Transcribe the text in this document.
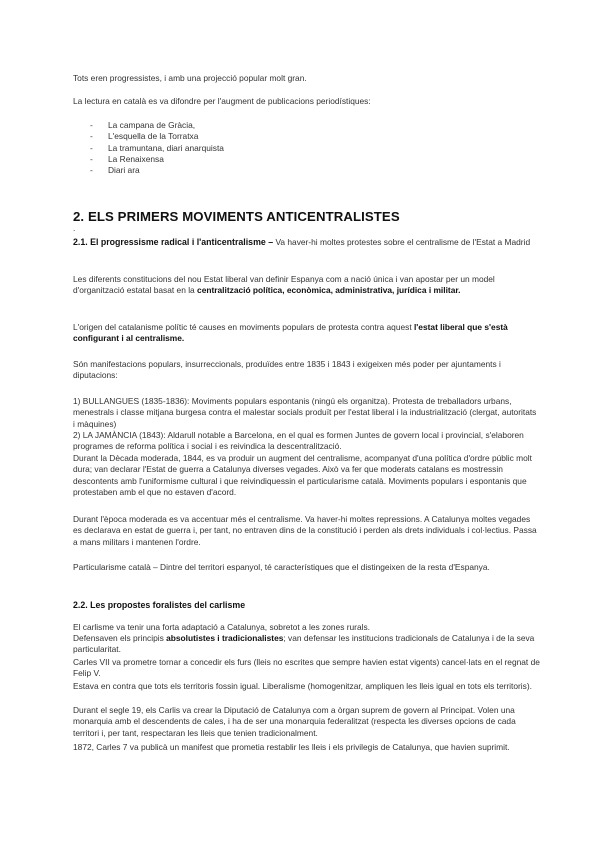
Tots eren progressistes, i amb una projecció popular molt gran.

La lectura en català es va difondre per l'augment de publicacions periodístiques:

- La campana de Gràcia,
- L'esquella de la Torratxa
- La tramuntana, diari anarquista
- La Renaixensa
- Diari ara
2. ELS PRIMERS MOVIMENTS ANTICENTRALISTES
.

2.1. El progressisme radical i l'anticentralisme – Va haver-hi moltes protestes sobre el centralisme de l'Estat a Madrid

Les diferents constitucions del nou Estat liberal van definir Espanya com a nació única i van apostar per un model d'organització estatal basat en la centralització política, econòmica, administrativa, jurídica i militar.

L'origen del catalanisme polític té causes en moviments populars de protesta contra aquest l'estat liberal que s'està configurant i al centralisme.

Són manifestacions populars, insurreccionals, produïdes entre 1835 i 1843 i exigeixen més poder per ajuntaments i diputacions:

1) BULLANGUES (1835-1836): Moviments populars espontanis (ningú els organitza). Protesta de treballadors urbans, menestrals i classe mitjana burgesa contra el malestar socials produït per l'estat liberal i la industrialització (clergat, autoritats i màquines)

2) LA JAMÀNCIA (1843): Aldarull notable a Barcelona, en el qual es formen Juntes de govern local i provincial, s'elaboren programes de reforma política i social i es reivindica la descentralització.

Durant la Dècada moderada, 1844, es va produir un augment del centralisme, acompanyat d'una política d'ordre públic molt dura; van declarar l'Estat de guerra a Catalunya diverses vegades. Això va fer que moderats catalans es mostressin descontents amb l'uniformisme cultural i que reivindiquessin el particularisme català. Moviments populars i espontanis que protestaben amb el que no estaven d'acord.

Durant l'època moderada es va accentuar més el centralisme. Va haver-hi moltes repressions. A Catalunya moltes vegades es declarava en estat de guerra i, per tant, no entraven dins de la constitució i perden als drets individuals i col·lectius. Passa a mans militars i mantenen l'ordre.

Particularisme català – Dintre del territori espanyol, té característiques que el distingeixen de la resta d'Espanya.

2.2. Les propostes foralistes del carlisme

El carlisme va tenir una forta adaptació a Catalunya, sobretot a les zones rurals.

Defensaven els principis absolutistes i tradicionalistes; van defensar les institucions tradicionals de Catalunya i de la seva particularitat.

Carles VII va prometre tornar a concedir els furs (lleis no escrites que sempre havien estat vigents) cancel·lats en el regnat de Felip V.

Estava en contra que tots els territoris fossin igual. Liberalisme (homogenitzar, ampliquen les lleis igual en tots els territoris).

Durant el segle 19, els Carlis va crear la Diputació de Catalunya com a òrgan suprem de govern al Principat. Volen una monarquia amb el descendents de cales, i ha de ser una monarquia federalitzat (respecta les diverses opcions de cada territori i, per tant, respectaran les lleis que tenien tradicionalment.

1872, Carles 7 va publicà un manifest que prometia restablir les lleis i els privilegis de Catalunya, que havien suprimit.
